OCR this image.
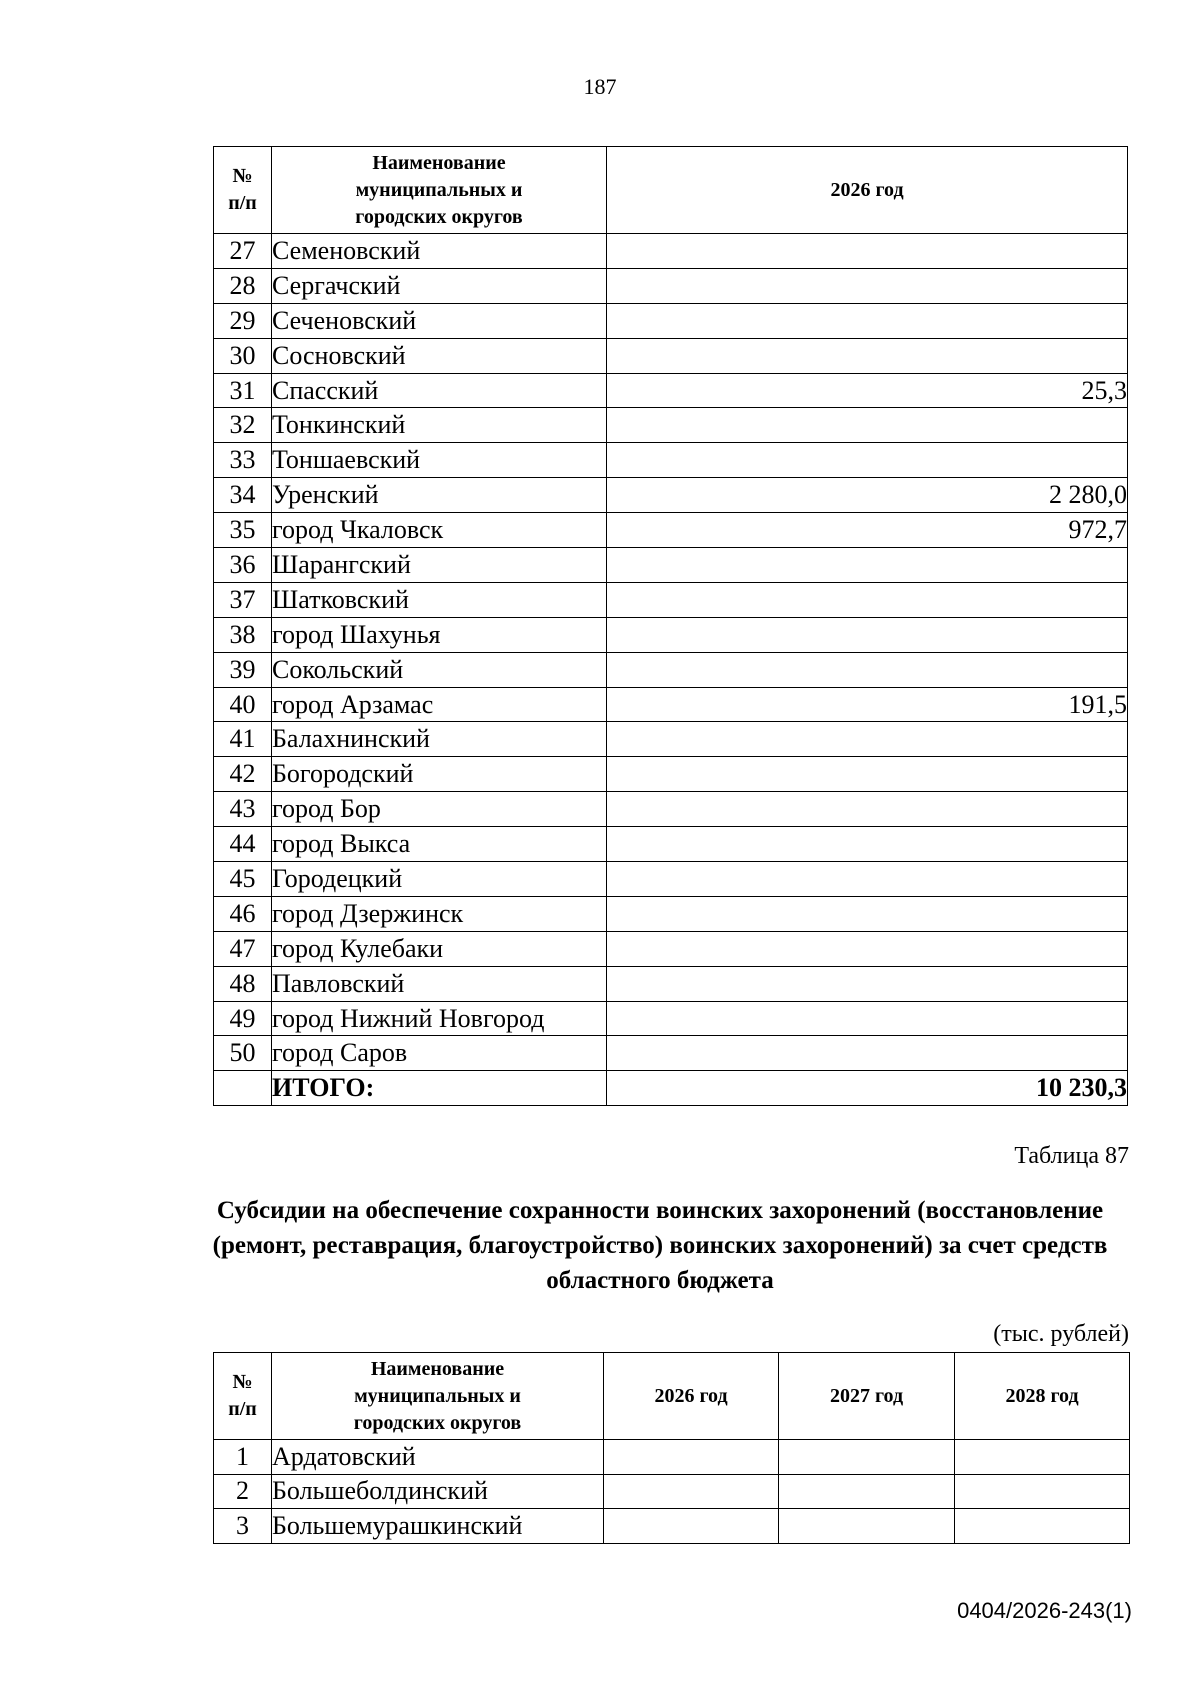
187
№ п/п	Наименование муниципальных и городских округов	2026 год
27	Семеновский	
28	Сергачский	
29	Сеченовский	
30	Сосновский	
31	Спасский	25,3
32	Тонкинский	
33	Тоншаевский	
34	Уренский	2 280,0
35	город Чкаловск	972,7
36	Шарангский	
37	Шатковский	
38	город Шахунья	
39	Сокольский	
40	город Арзамас	191,5
41	Балахнинский	
42	Богородский	
43	город Бор	
44	город Выкса	
45	Городецкий	
46	город Дзержинск	
47	город Кулебаки	
48	Павловский	
49	город Нижний Новгород	
50	город Саров	
	ИТОГО:	10 230,3
Таблица 87
Субсидии на обеспечение сохранности воинских захоронений (восстановление (ремонт, реставрация, благоустройство) воинских захоронений) за счет средств областного бюджета
(тыс. рублей)
№ п/п	Наименование муниципальных и городских округов	2026 год	2027 год	2028 год
1	Ардатовский			
2	Большеболдинский			
3	Большемурашкинский			
0404/2026-243(1)
